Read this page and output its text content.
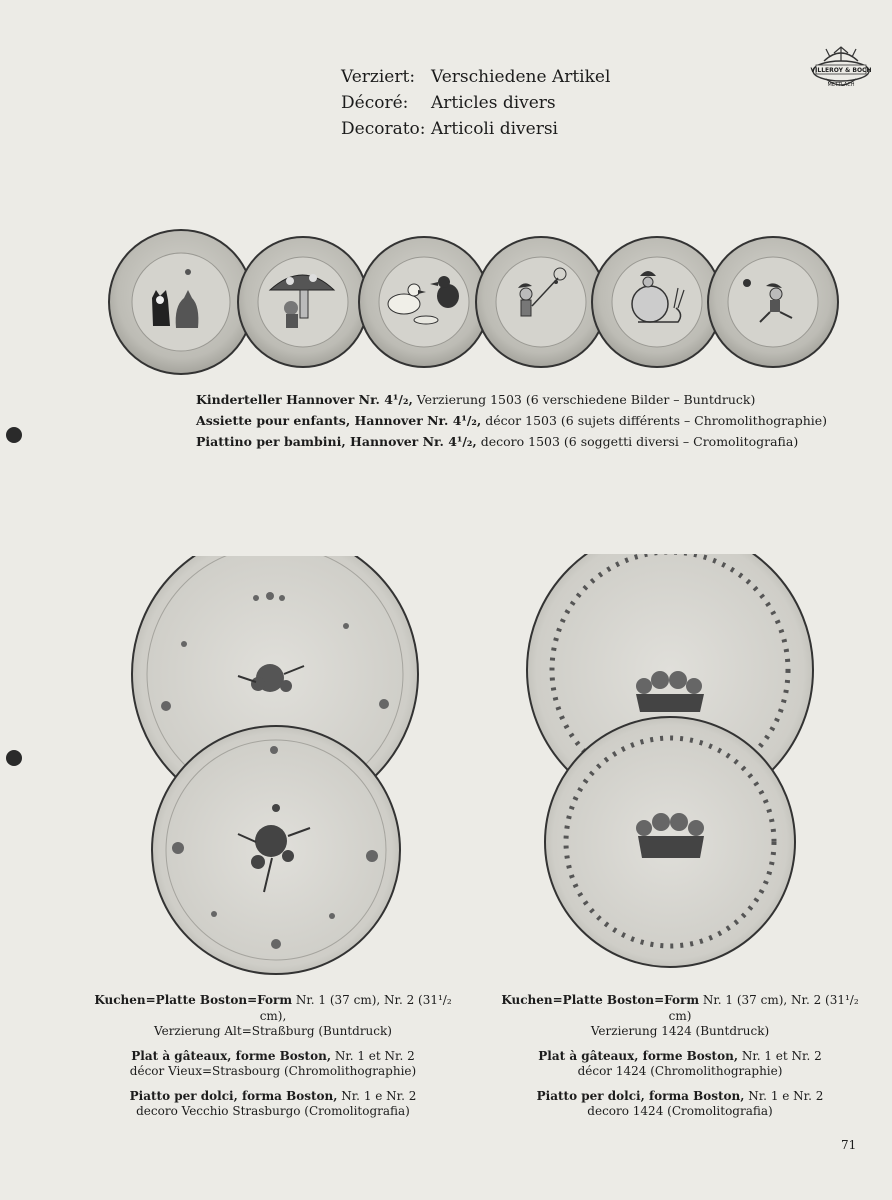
Verziert: Verschiedene Artikel
Décoré:	Articles divers
Decorato: Articoli diversi
VILLEROY & BOCH
METTLACH
Kinderteller Hannover Nr. 4¹/₂, Verzierung 1503 (6 verschiedene Bilder – Buntdruck)
Assiette pour enfants, Hannover Nr. 4¹/₂, décor 1503 (6 sujets différents – Chromolithographie)
Piattino per bambini, Hannover Nr. 4¹/₂, decoro 1503 (6 soggetti diversi – Cromolitografia)

Kuchen=Platte Boston=Form Nr. 1 (37 cm), Nr. 2 (31¹/₂ cm),
Verzierung Alt=Straßburg (Buntdruck)

Plat à gâteaux, forme Boston, Nr. 1 et Nr. 2
décor Vieux=Strasbourg (Chromolithographie)

Piatto per dolci, forma Boston, Nr. 1 e Nr. 2
decoro Vecchio Strasburgo (Cromolitografia)

Kuchen=Platte Boston=Form Nr. 1 (37 cm), Nr. 2 (31¹/₂ cm)
Verzierung 1424 (Buntdruck)

Plat à gâteaux, forme Boston, Nr. 1 et Nr. 2
décor 1424 (Chromolithographie)

Piatto per dolci, forma Boston, Nr. 1 e Nr. 2
decoro 1424 (Cromolitografia)

71
